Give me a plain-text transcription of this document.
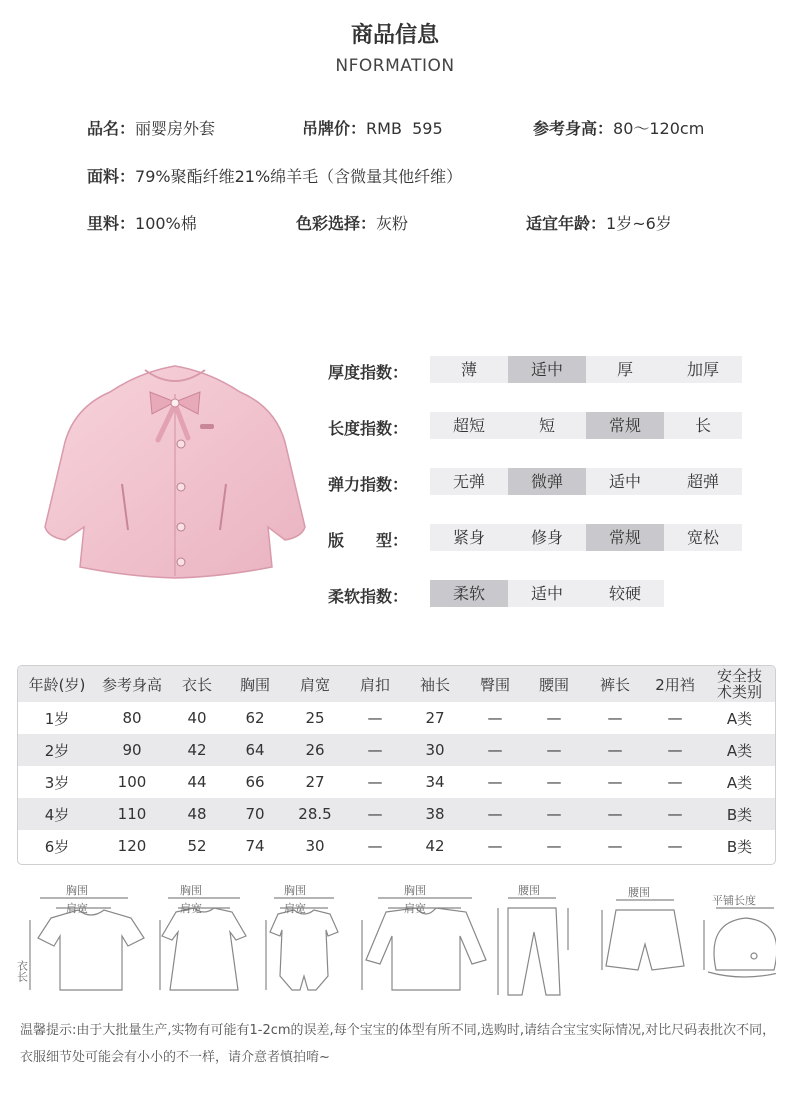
商品信息
NFORMATION
品名：丽婴房外套	吊牌价：RMB  595	参考身高：80～120cm
面料：79%聚酯纤维21%绵羊毛（含微量其他纤维）
里料：100%棉	色彩选择：灰粉	适宜年龄：1岁~6岁
厚度指数：	薄	适中	厚	加厚
长度指数：	超短	短	常规	长
弹力指数：	无弹	微弹	适中	超弹
版　　型：	紧身	修身	常规	宽松
柔软指数：	柔软	适中	较硬
年龄(岁)	参考身高	衣长	胸围	肩宽	肩扣	袖长	臀围	腰围	裤长	2用裆	安全技
术类别
1岁	80	40	62	25	—	27	—	—	—	—	A类
2岁	90	42	64	26	—	30	—	—	—	—	A类
3岁	100	44	66	27	—	34	—	—	—	—	A类
4岁	110	48	70	28.5	—	38	—	—	—	—	B类
6岁	120	52	74	30	—	42	—	—	—	—	B类
胸围
肩宽
衣长
胸围
肩宽
胸围
肩宽
胸围
肩宽
腰围	腰围
平铺长度
温馨提示:由于大批量生产,实物有可能有1-2cm的误差,每个宝宝的体型有所不同,选购时,请结合宝宝实际情况,对比尺码表批次不同，衣服细节处可能会有小小的不一样，请介意者慎拍唷~
